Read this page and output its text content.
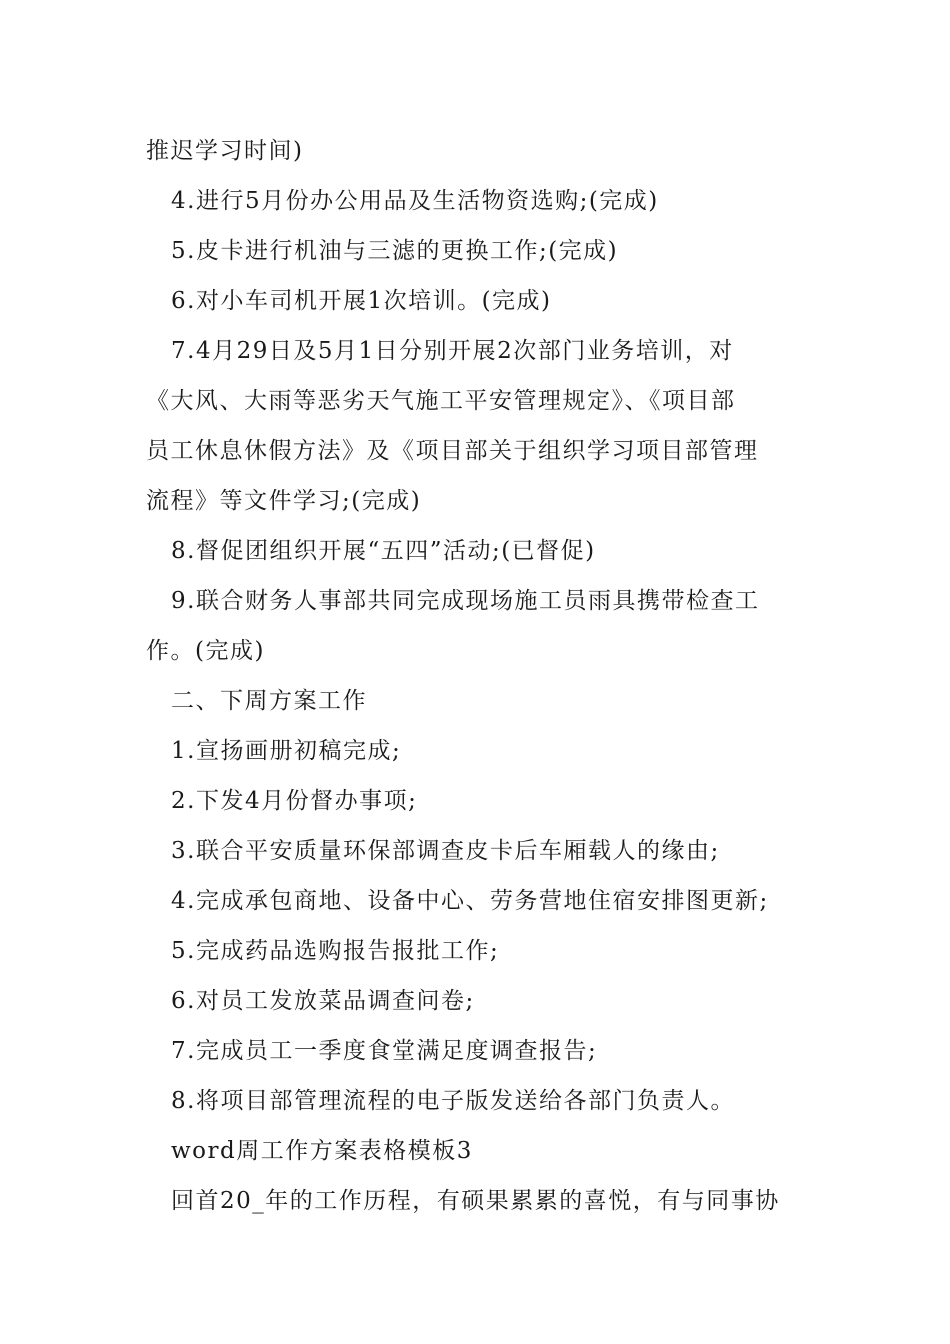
推迟学习时间)
4.进行5月份办公用品及生活物资选购;(完成)
5.皮卡进行机油与三滤的更换工作;(完成)
6.对小车司机开展1次培训。(完成)
7.4月29日及5月1日分别开展2次部门业务培训，对
《大风、大雨等恶劣天气施工平安管理规定》、《项目部
员工休息休假方法》及《项目部关于组织学习项目部管理
流程》等文件学习;(完成)
8.督促团组织开展“五四”活动;(已督促)
9.联合财务人事部共同完成现场施工员雨具携带检查工
作。(完成)
二、下周方案工作
1.宣扬画册初稿完成;
2.下发4月份督办事项;
3.联合平安质量环保部调查皮卡后车厢载人的缘由;
4.完成承包商地、设备中心、劳务营地住宿安排图更新;
5.完成药品选购报告报批工作;
6.对员工发放菜品调查问卷;
7.完成员工一季度食堂满足度调查报告;
8.将项目部管理流程的电子版发送给各部门负责人。
word周工作方案表格模板3
回首20_年的工作历程，有硕果累累的喜悦，有与同事协
